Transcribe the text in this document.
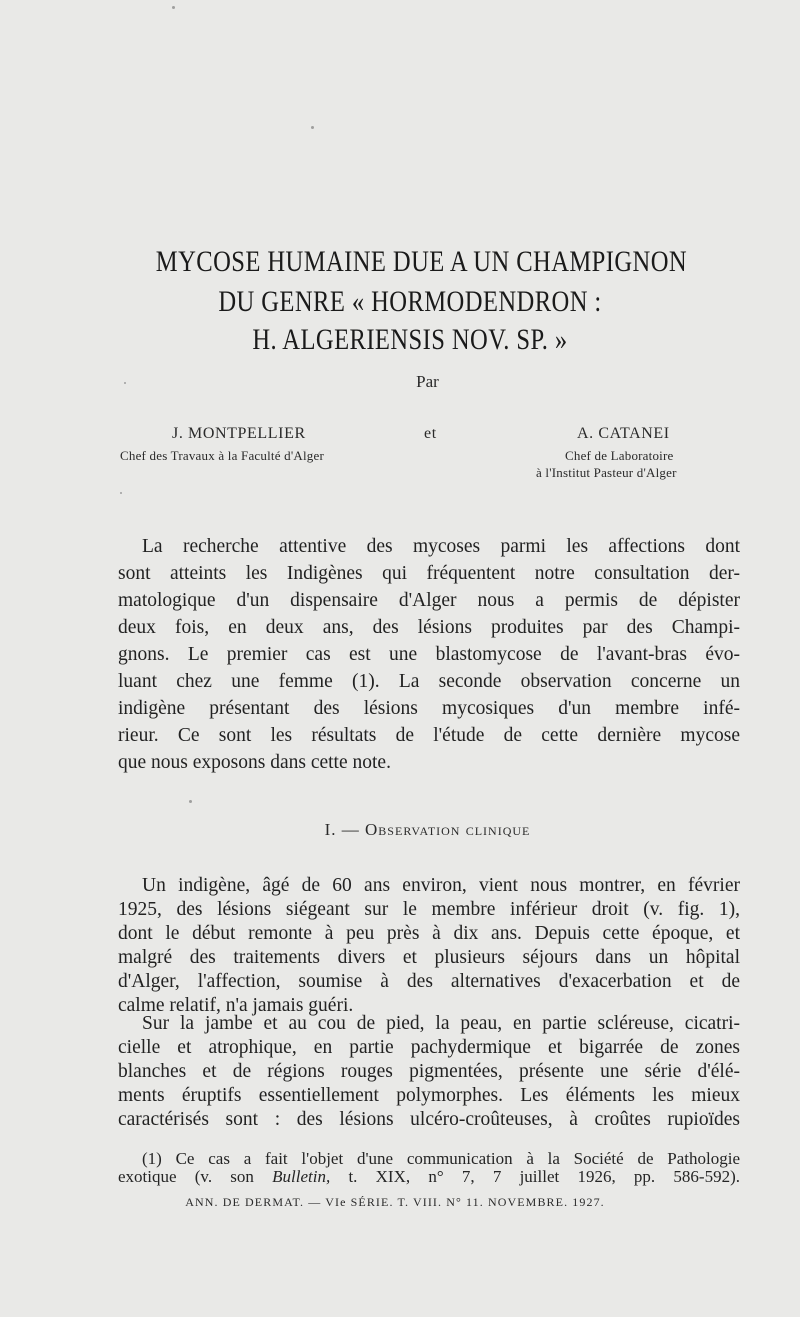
MYCOSE HUMAINE DUE A UN CHAMPIGNON
DU GENRE « HORMODENDRON :
H. ALGERIENSIS NOV. SP. »
Par
J. MONTPELLIER
Chef des Travaux à la Faculté d'Alger
et	A. CATANEI
Chef de Laboratoire
à l'Institut Pasteur d'Alger
La recherche attentive des mycoses parmi les affections dont
sont atteints les Indigènes qui fréquentent notre consultation der-
matologique d'un dispensaire d'Alger nous a permis de dépister
deux fois, en deux ans, des lésions produites par des Champi-
gnons. Le premier cas est une blastomycose de l'avant-bras évo-
luant chez une femme (1). La seconde observation concerne un
indigène présentant des lésions mycosiques d'un membre infé-
rieur. Ce sont les résultats de l'étude de cette dernière mycose
que nous exposons dans cette note.
I. — Observation clinique
Un indigène, âgé de 60 ans environ, vient nous montrer, en février
1925, des lésions siégeant sur le membre inférieur droit (v. fig. 1),
dont le début remonte à peu près à dix ans. Depuis cette époque, et
malgré des traitements divers et plusieurs séjours dans un hôpital
d'Alger, l'affection, soumise à des alternatives d'exacerbation et de
calme relatif, n'a jamais guéri.
Sur la jambe et au cou de pied, la peau, en partie scléreuse, cicatri-
cielle et atrophique, en partie pachydermique et bigarrée de zones
blanches et de régions rouges pigmentées, présente une série d'élé-
ments éruptifs essentiellement polymorphes. Les éléments les mieux
caractérisés sont : des lésions ulcéro-croûteuses, à croûtes rupioïdes
(1) Ce cas a fait l'objet d'une communication à la Société de Pathologie
exotique (v. son Bulletin, t. XIX, n° 7, 7 juillet 1926, pp. 586-592).
ANN. DE DERMAT. — VIe SÉRIE. T. VIII. N° 11. NOVEMBRE. 1927.
